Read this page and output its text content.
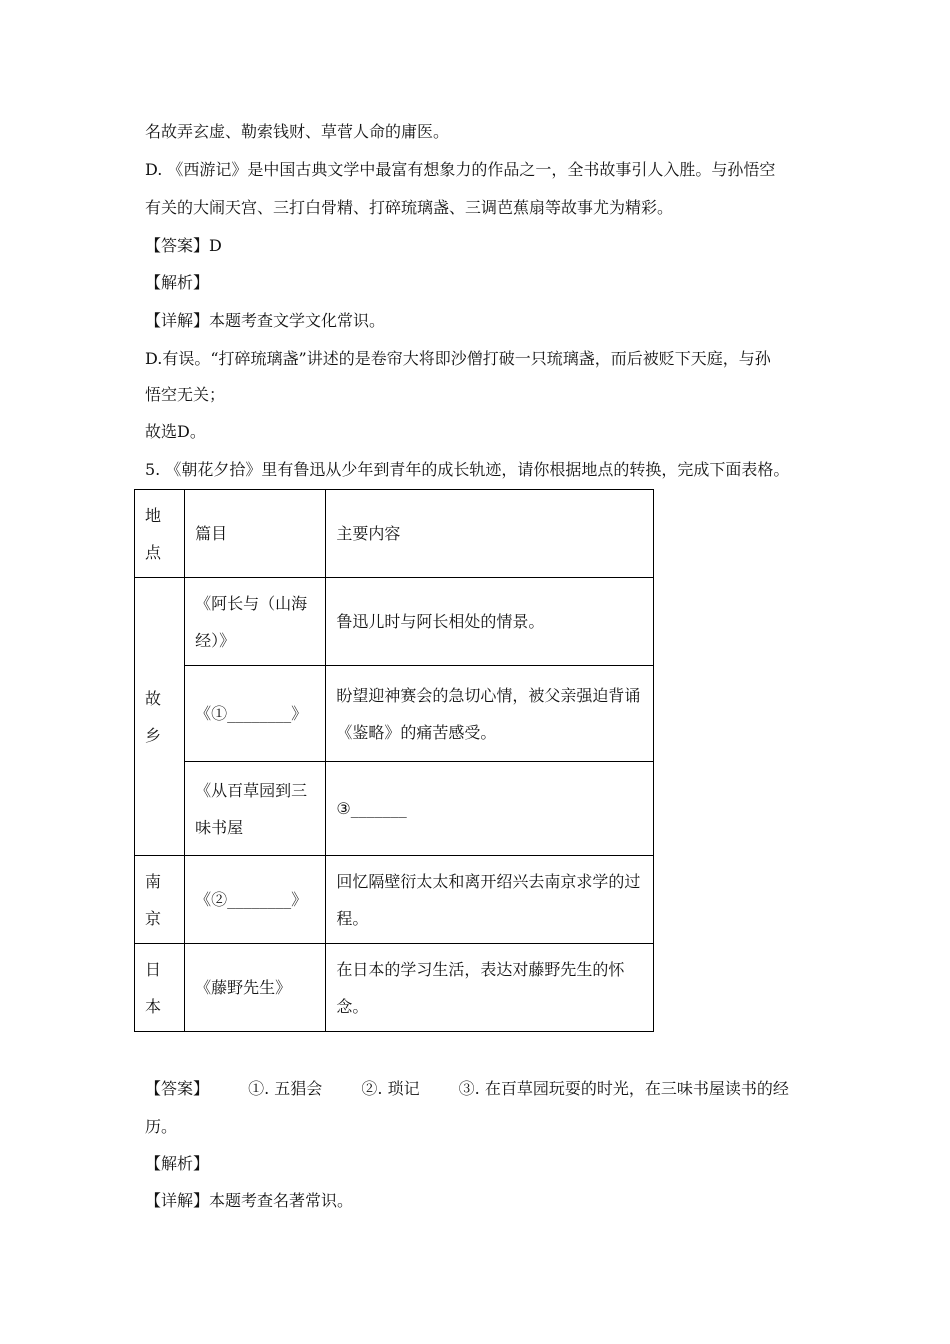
名故弄玄虚、勒索钱财、草菅人命的庸医。
D. 《西游记》是中国古典文学中最富有想象力的作品之一，全书故事引人入胜。与孙悟空
有关的大闹天宫、三打白骨精、打碎琉璃盏、三调芭蕉扇等故事尤为精彩。
【答案】D
【解析】
【详解】本题考查文学文化常识。
D.有误。“打碎琉璃盏”讲述的是卷帘大将即沙僧打破一只琉璃盏，而后被贬下天庭，与孙
悟空无关；
故选D。
5. 《朝花夕拾》里有鲁迅从少年到青年的成长轨迹，请你根据地点的转换，完成下面表格。
地点	篇目	主要内容
故乡	《阿长与（山海经）》	鲁迅儿时与阿长相处的情景。
	《①________》	盼望迎神赛会的急切心情，被父亲强迫背诵《鉴略》的痛苦感受。
	《从百草园到三味书屋	③_______
南京	《②________》	回忆隔壁衍太太和离开绍兴去南京求学的过程。
日本	《藤野先生》	在日本的学习生活，表达对藤野先生的怀念。
【答案】 ①. 五猖会 ②. 琐记 ③. 在百草园玩耍的时光，在三味书屋读书的经
历。
【解析】
【详解】本题考查名著常识。
